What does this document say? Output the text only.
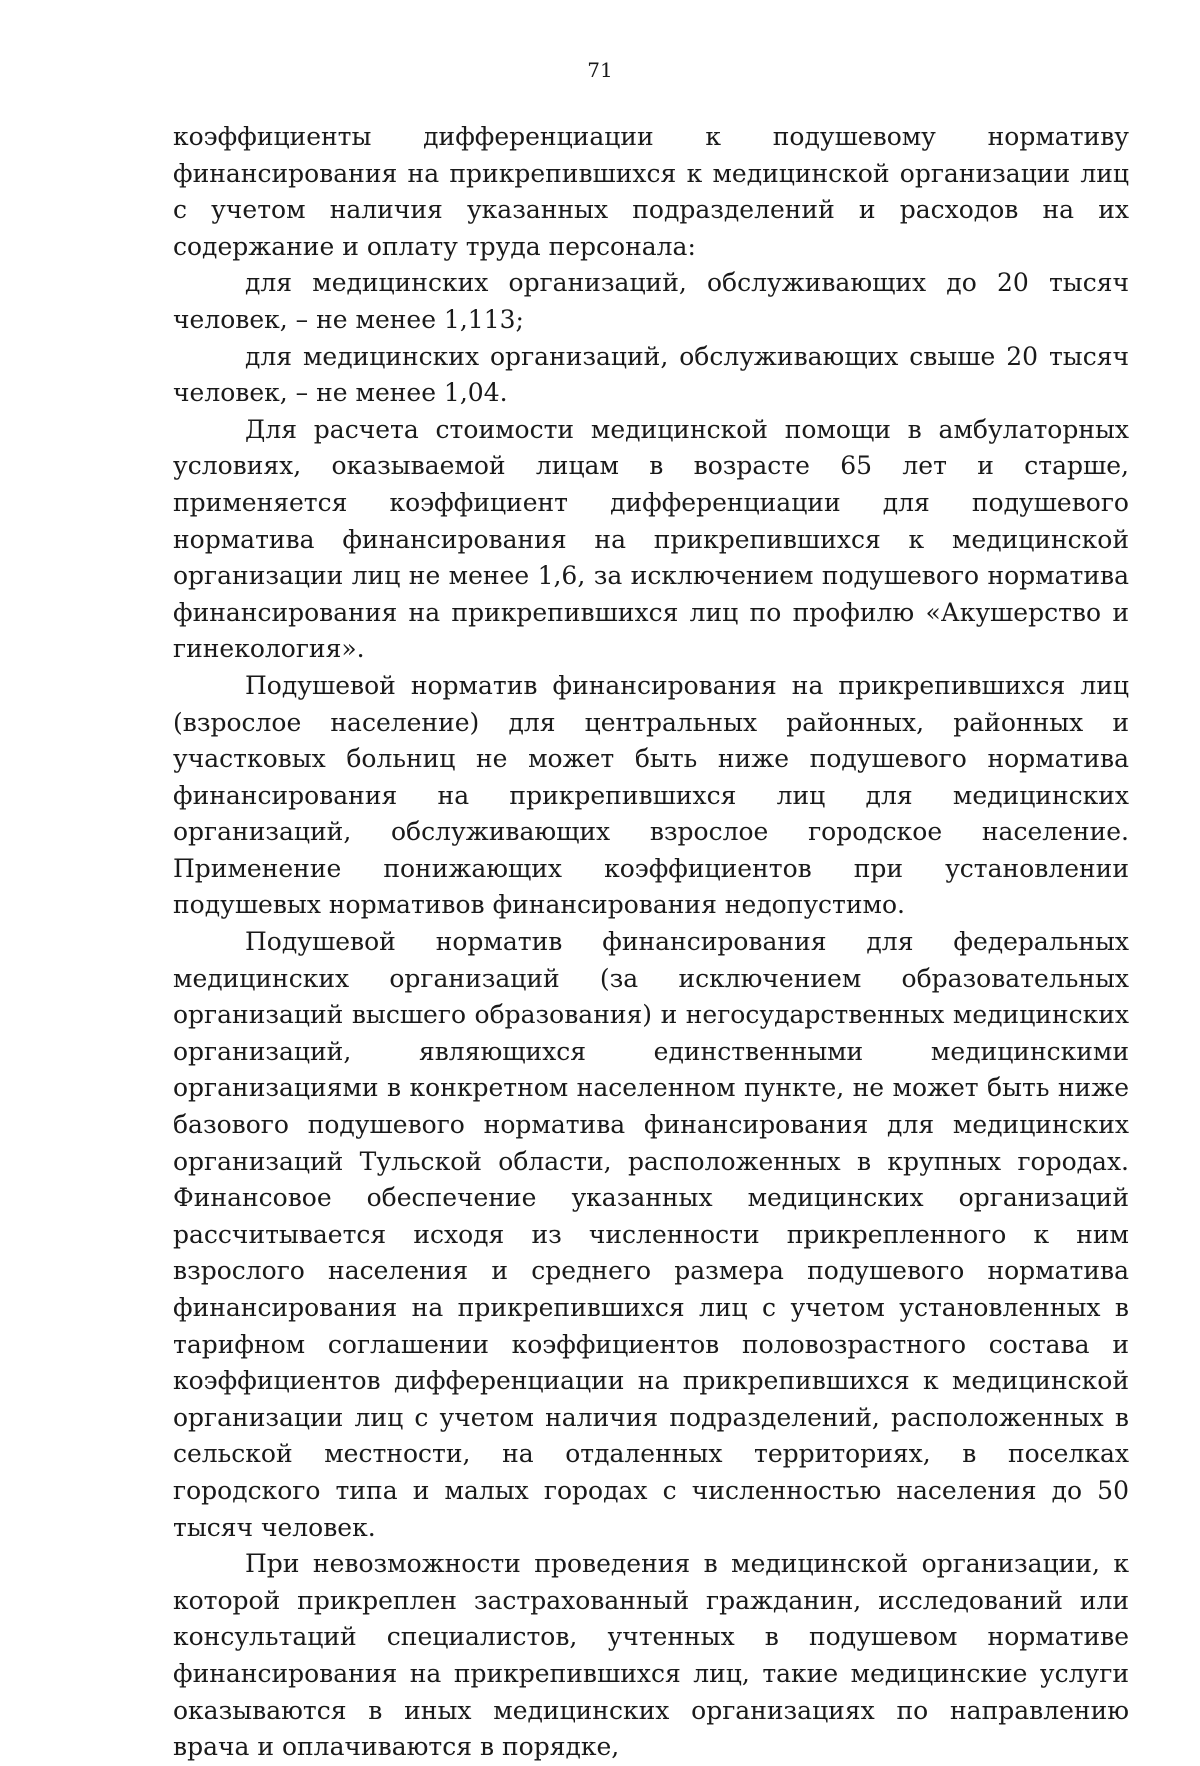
71

коэффициенты дифференциации к подушевому нормативу финансирования на прикрепившихся к медицинской организации лиц с учетом наличия указанных подразделений и расходов на их содержание и оплату труда персонала:

для медицинских организаций, обслуживающих до 20 тысяч человек, – не менее 1,113;

для медицинских организаций, обслуживающих свыше 20 тысяч человек, – не менее 1,04.

Для расчета стоимости медицинской помощи в амбулаторных условиях, оказываемой лицам в возрасте 65 лет и старше, применяется коэффициент дифференциации для подушевого норматива финансирования на прикрепившихся к медицинской организации лиц не менее 1,6, за исключением подушевого норматива финансирования на прикрепившихся лиц по профилю «Акушерство и гинекология».

Подушевой норматив финансирования на прикрепившихся лиц (взрослое население) для центральных районных, районных и участковых больниц не может быть ниже подушевого норматива финансирования на прикрепившихся лиц для медицинских организаций, обслуживающих взрослое городское население. Применение понижающих коэффициентов при установлении подушевых нормативов финансирования недопустимо.

Подушевой норматив финансирования для федеральных медицинских организаций (за исключением образовательных организаций высшего образования) и негосударственных медицинских организаций, являющихся единственными медицинскими организациями в конкретном населенном пункте, не может быть ниже базового подушевого норматива финансирования для медицинских организаций Тульской области, расположенных в крупных городах. Финансовое обеспечение указанных медицинских организаций рассчитывается исходя из численности прикрепленного к ним взрослого населения и среднего размера подушевого норматива финансирования на прикрепившихся лиц с учетом установленных в тарифном соглашении коэффициентов половозрастного состава и коэффициентов дифференциации на прикрепившихся к медицинской организации лиц с учетом наличия подразделений, расположенных в сельской местности, на отдаленных территориях, в поселках городского типа и малых городах с численностью населения до 50 тысяч человек.

При невозможности проведения в медицинской организации, к которой прикреплен застрахованный гражданин, исследований или консультаций специалистов, учтенных в подушевом нормативе финансирования на прикрепившихся лиц, такие медицинские услуги оказываются в иных медицинских организациях по направлению врача и оплачиваются в порядке,
